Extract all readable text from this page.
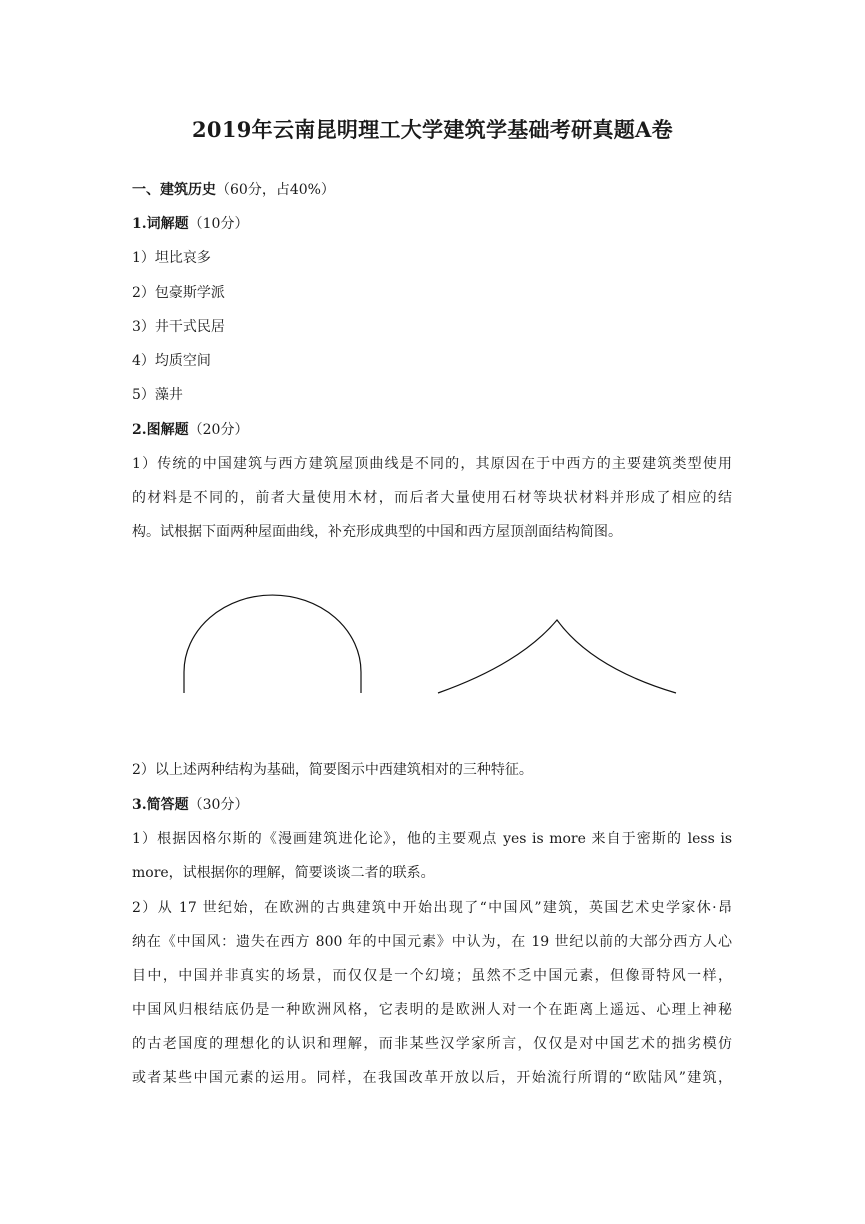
2019年云南昆明理工大学建筑学基础考研真题A卷
一、建筑历史（60分，占40%）
1.词解题（10分）
1）坦比哀多
2）包豪斯学派
3）井干式民居
4）均质空间
5）藻井
2.图解题（20分）
1）传统的中国建筑与西方建筑屋顶曲线是不同的，其原因在于中西方的主要建筑类型使用
的材料是不同的，前者大量使用木材，而后者大量使用石材等块状材料并形成了相应的结
构。试根据下面两种屋面曲线，补充形成典型的中国和西方屋顶剖面结构简图。
2）以上述两种结构为基础，简要图示中西建筑相对的三种特征。
3.简答题（30分）
1）根据因格尔斯的《漫画建筑进化论》，他的主要观点 yes is more 来自于密斯的 less is
more，试根据你的理解，简要谈谈二者的联系。
2）从 17 世纪始，在欧洲的古典建筑中开始出现了“中国风”建筑，英国艺术史学家休·昂
纳在《中国风：遗失在西方 800 年的中国元素》中认为，在 19 世纪以前的大部分西方人心
目中，中国并非真实的场景，而仅仅是一个幻境；虽然不乏中国元素，但像哥特风一样，
中国风归根结底仍是一种欧洲风格，它表明的是欧洲人对一个在距离上遥远、心理上神秘
的古老国度的理想化的认识和理解，而非某些汉学家所言，仅仅是对中国艺术的拙劣模仿
或者某些中国元素的运用。同样，在我国改革开放以后，开始流行所谓的“欧陆风”建筑，
